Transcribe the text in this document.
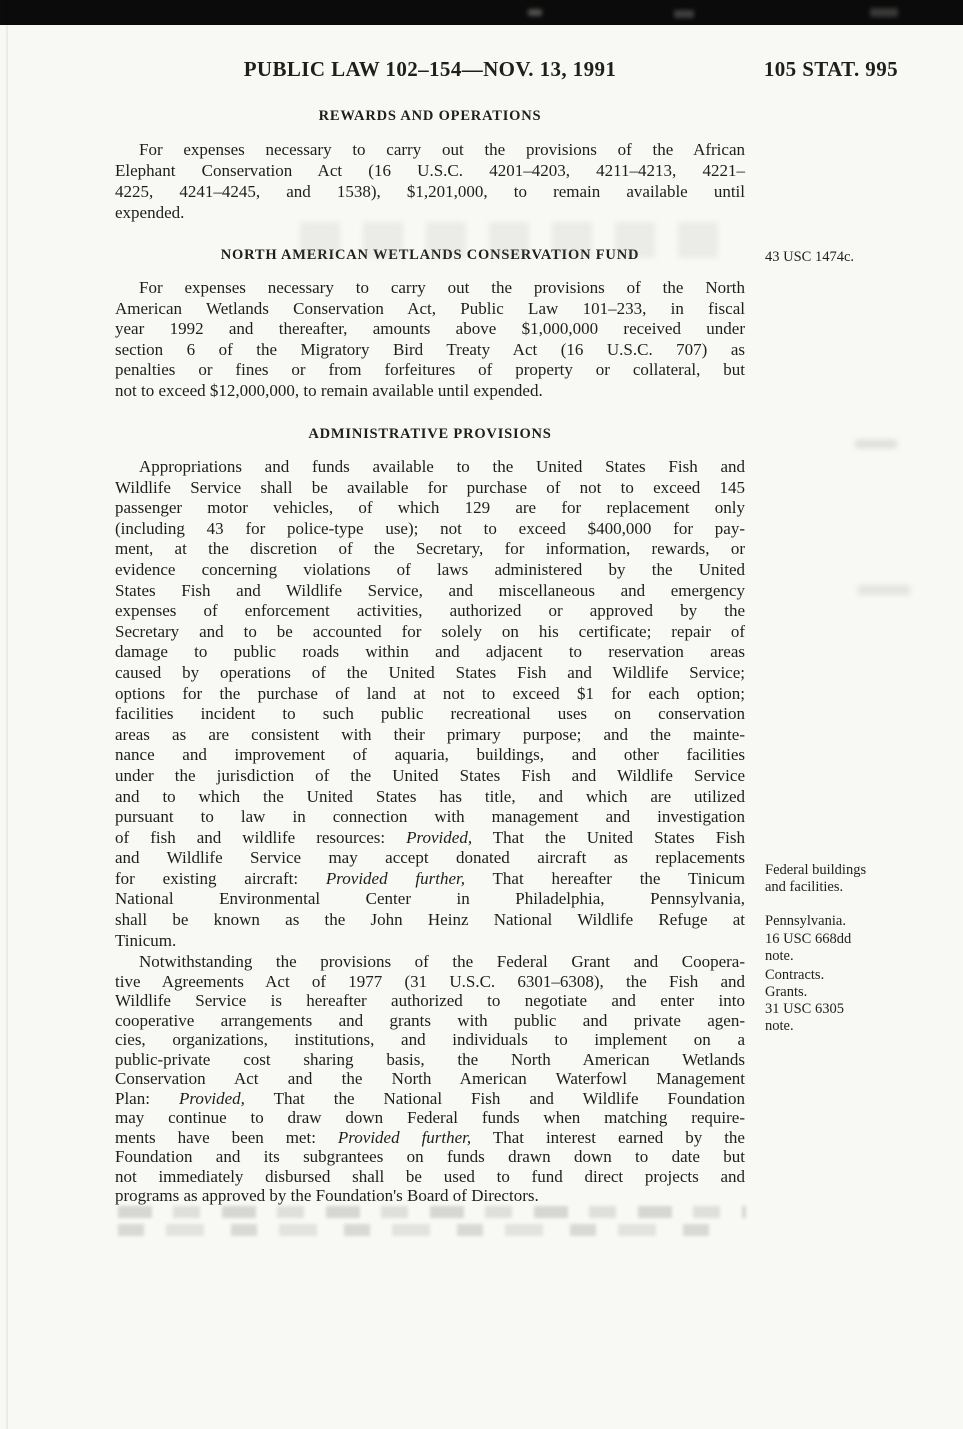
PUBLIC LAW 102–154—NOV. 13, 1991	105 STAT. 995
REWARDS AND OPERATIONS
For expenses necessary to carry out the provisions of the African
Elephant Conservation Act (16 U.S.C. 4201–4203, 4211–4213, 4221–
4225, 4241–4245, and 1538), $1,201,000, to remain available until
expended.
NORTH AMERICAN WETLANDS CONSERVATION FUND
For expenses necessary to carry out the provisions of the North
American Wetlands Conservation Act, Public Law 101–233, in fiscal
year 1992 and thereafter, amounts above $1,000,000 received under
section 6 of the Migratory Bird Treaty Act (16 U.S.C. 707) as
penalties or fines or from forfeitures of property or collateral, but
not to exceed $12,000,000, to remain available until expended.
ADMINISTRATIVE PROVISIONS
Appropriations and funds available to the United States Fish and
Wildlife Service shall be available for purchase of not to exceed 145
passenger motor vehicles, of which 129 are for replacement only
(including 43 for police-type use); not to exceed $400,000 for pay-
ment, at the discretion of the Secretary, for information, rewards, or
evidence concerning violations of laws administered by the United
States Fish and Wildlife Service, and miscellaneous and emergency
expenses of enforcement activities, authorized or approved by the
Secretary and to be accounted for solely on his certificate; repair of
damage to public roads within and adjacent to reservation areas
caused by operations of the United States Fish and Wildlife Service;
options for the purchase of land at not to exceed $1 for each option;
facilities incident to such public recreational uses on conservation
areas as are consistent with their primary purpose; and the mainte-
nance and improvement of aquaria, buildings, and other facilities
under the jurisdiction of the United States Fish and Wildlife Service
and to which the United States has title, and which are utilized
pursuant to law in connection with management and investigation
of fish and wildlife resources: Provided, That the United States Fish
and Wildlife Service may accept donated aircraft as replacements
for existing aircraft: Provided further, That hereafter the Tinicum
National Environmental Center in Philadelphia, Pennsylvania,
shall be known as the John Heinz National Wildlife Refuge at
Tinicum.
Notwithstanding the provisions of the Federal Grant and Coopera-
tive Agreements Act of 1977 (31 U.S.C. 6301–6308), the Fish and
Wildlife Service is hereafter authorized to negotiate and enter into
cooperative arrangements and grants with public and private agen-
cies, organizations, institutions, and individuals to implement on a
public-private cost sharing basis, the North American Wetlands
Conservation Act and the North American Waterfowl Management
Plan: Provided, That the National Fish and Wildlife Foundation
may continue to draw down Federal funds when matching require-
ments have been met: Provided further, That interest earned by the
Foundation and its subgrantees on funds drawn down to date but
not immediately disbursed shall be used to fund direct projects and
programs as approved by the Foundation's Board of Directors.
43 USC 1474c.
Federal buildings and facilities.
Pennsylvania.
16 USC 668dd note.
Contracts.
Grants.
31 USC 6305 note.
